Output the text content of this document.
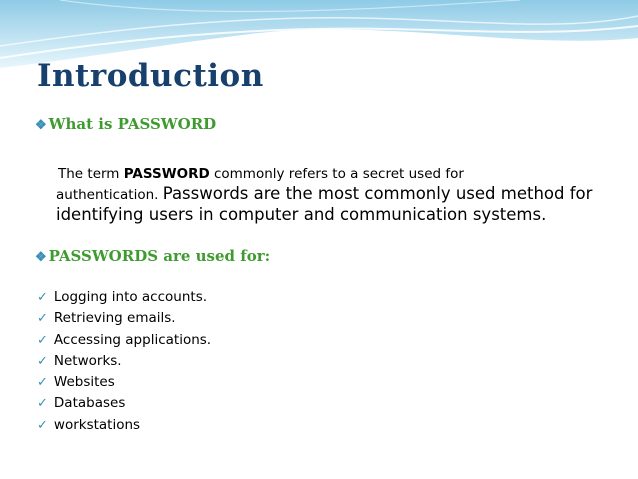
Introduction
❖ What is PASSWORD
The term PASSWORD commonly refers to a secret used for
authentication. Passwords are the most commonly used method for
identifying users in computer and communication systems.
❖ PASSWORDS are used for:
✓ Logging into accounts.
✓ Retrieving emails.
✓ Accessing applications.
✓ Networks.
✓ Websites
✓ Databases
✓ workstations
